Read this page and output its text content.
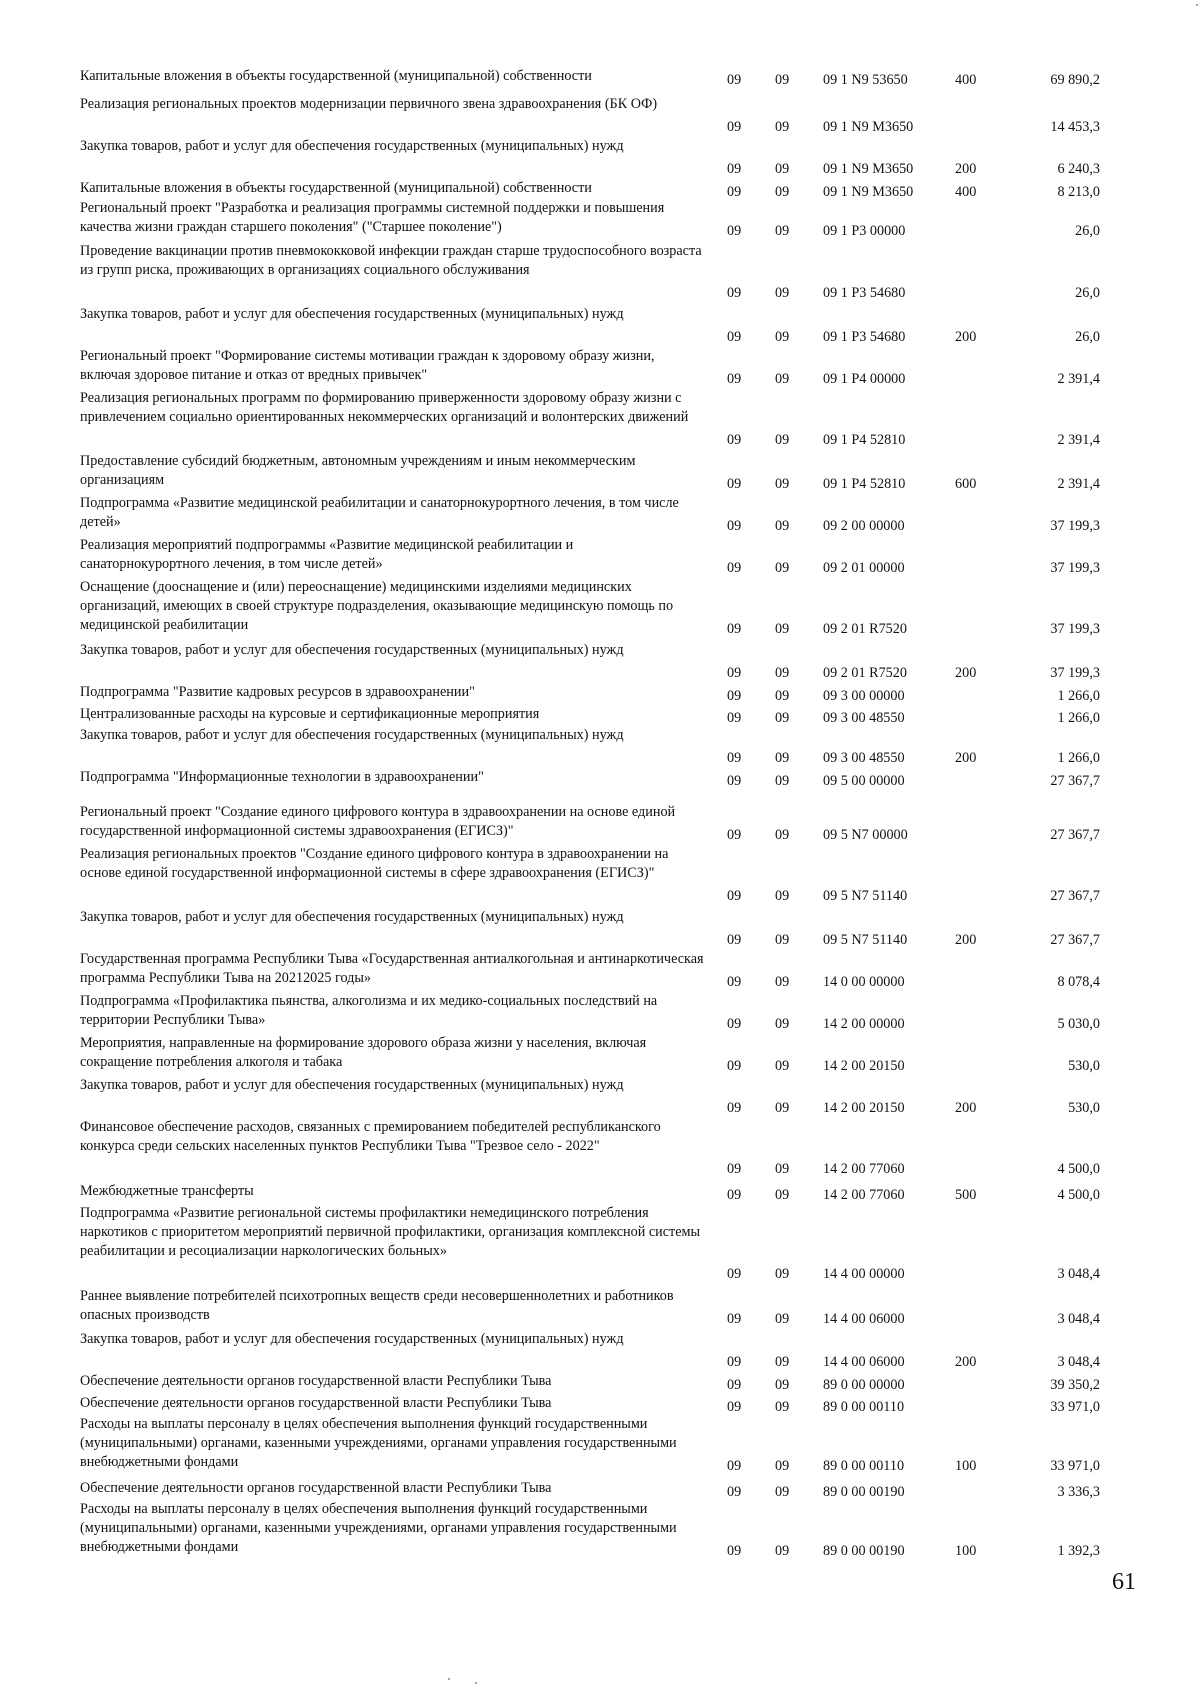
Капитальные вложения в объекты государственной (муниципальной) собственности	09 09 09 1 N9 53650	400	69 890,2
Реализация региональных проектов модернизации первичного звена здравоохранения (БК ОФ)
09 09 09 1 N9 M3650	14 453,3
Закупка товаров, работ и услуг для обеспечения государственных (муниципальных) нужд
09 09 09 1 N9 M3650	200	6 240,3
Капитальные вложения в объекты государственной (муниципальной) собственности	09 09 09 1 N9 M3650	400	8 213,0
Региональный проект "Разработка и реализация программы системной поддержки и повышения качества жизни граждан старшего поколения" ("Старшее поколение")	09 09 09 1 P3 00000	26,0
Проведение вакцинации против пневмококковой инфекции граждан старше трудоспособного возраста из групп риска, проживающих в организациях социального обслуживания
09 09 09 1 P3 54680	26,0
Закупка товаров, работ и услуг для обеспечения государственных (муниципальных) нужд
09 09 09 1 P3 54680	200	26,0
Региональный проект "Формирование системы мотивации граждан к здоровому образу жизни, включая здоровое питание и отказ от вредных привычек"	09 09 09 1 P4 00000	2 391,4
Реализация региональных программ по формированию приверженности здоровому образу жизни с привлечением социально ориентированных некоммерческих организаций и волонтерских движений
09 09 09 1 P4 52810	2 391,4
Предоставление субсидий бюджетным, автономным учреждениям и иным некоммерческим организациям	09 09 09 1 P4 52810	600	2 391,4
Подпрограмма «Развитие медицинской реабилитации и санаторнокурортного лечения, в том числе детей»	09 09 09 2 00 00000	37 199,3
Реализация мероприятий подпрограммы «Развитие медицинской реабилитации и санаторнокурортного лечения, в том числе детей»	09 09 09 2 01 00000	37 199,3
Оснащение (дооснащение и (или) переоснащение) медицинскими изделиями медицинских организаций, имеющих в своей структуре подразделения, оказывающие медицинскую помощь по медицинской реабилитации	09 09 09 2 01 R7520	37 199,3
Закупка товаров, работ и услуг для обеспечения государственных (муниципальных) нужд
09 09 09 2 01 R7520	200	37 199,3
Подпрограмма "Развитие кадровых ресурсов в здравоохранении"	09 09 09 3 00 00000	1 266,0
Централизованные расходы на курсовые и сертификационные мероприятия	09 09 09 3 00 48550	1 266,0
Закупка товаров, работ и услуг для обеспечения государственных (муниципальных) нужд
09 09 09 3 00 48550	200	1 266,0
Подпрограмма "Информационные технологии в здравоохранении"	09 09 09 5 00 00000	27 367,7
Региональный проект "Создание единого цифрового контура в здравоохранении на основе единой государственной информационной системы здравоохранения (ЕГИСЗ)"	09 09 09 5 N7 00000	27 367,7
Реализация региональных проектов "Создание единого цифрового контура в здравоохранении на основе единой государственной информационной системы в сфере здравоохранения (ЕГИСЗ)"
09 09 09 5 N7 51140	27 367,7
Закупка товаров, работ и услуг для обеспечения государственных (муниципальных) нужд
09 09 09 5 N7 51140	200	27 367,7
Государственная программа Республики Тыва «Государственная антиалкогольная и антинаркотическая программа Республики Тыва на 20212025 годы»	09 09 14 0 00 00000	8 078,4
Подпрограмма «Профилактика пьянства, алкоголизма и их медико-социальных последствий на территории Республики Тыва»	09 09 14 2 00 00000	5 030,0
Мероприятия, направленные на формирование здорового образа жизни у населения, включая сокращение потребления алкоголя и табака	09 09 14 2 00 20150	530,0
Закупка товаров, работ и услуг для обеспечения государственных (муниципальных) нужд
09 09 14 2 00 20150	200	530,0
Финансовое обеспечение расходов, связанных с премированием победителей республиканского конкурса среди сельских населенных пунктов Республики Тыва "Трезвое село - 2022"
09 09 14 2 00 77060	4 500,0
Межбюджетные трансферты	09 09 14 2 00 77060	500	4 500,0
Подпрограмма «Развитие региональной системы профилактики немедицинского потребления наркотиков с приоритетом мероприятий первичной профилактики, организация комплексной системы реабилитации и ресоциализации наркологических больных»
09 09 14 4 00 00000	3 048,4
Раннее выявление потребителей психотропных веществ среди несовершеннолетних и работников опасных производств	09 09 14 4 00 06000	3 048,4
Закупка товаров, работ и услуг для обеспечения государственных (муниципальных) нужд
09 09 14 4 00 06000	200	3 048,4
Обеспечение деятельности органов государственной власти Республики Тыва	09 09 89 0 00 00000	39 350,2
Обеспечение деятельности органов государственной власти Республики Тыва	09 09 89 0 00 00110	33 971,0
Расходы на выплаты персоналу в целях обеспечения выполнения функций государственными (муниципальными) органами, казенными учреждениями, органами управления государственными внебюджетными фондами	09 09 89 0 00 00110	100	33 971,0
Обеспечение деятельности органов государственной власти Республики Тыва	09 09 89 0 00 00190	3 336,3
Расходы на выплаты персоналу в целях обеспечения выполнения функций государственными (муниципальными) органами, казенными учреждениями, органами управления государственными внебюджетными фондами	09 09 89 0 00 00190	100	1 392,3
61
